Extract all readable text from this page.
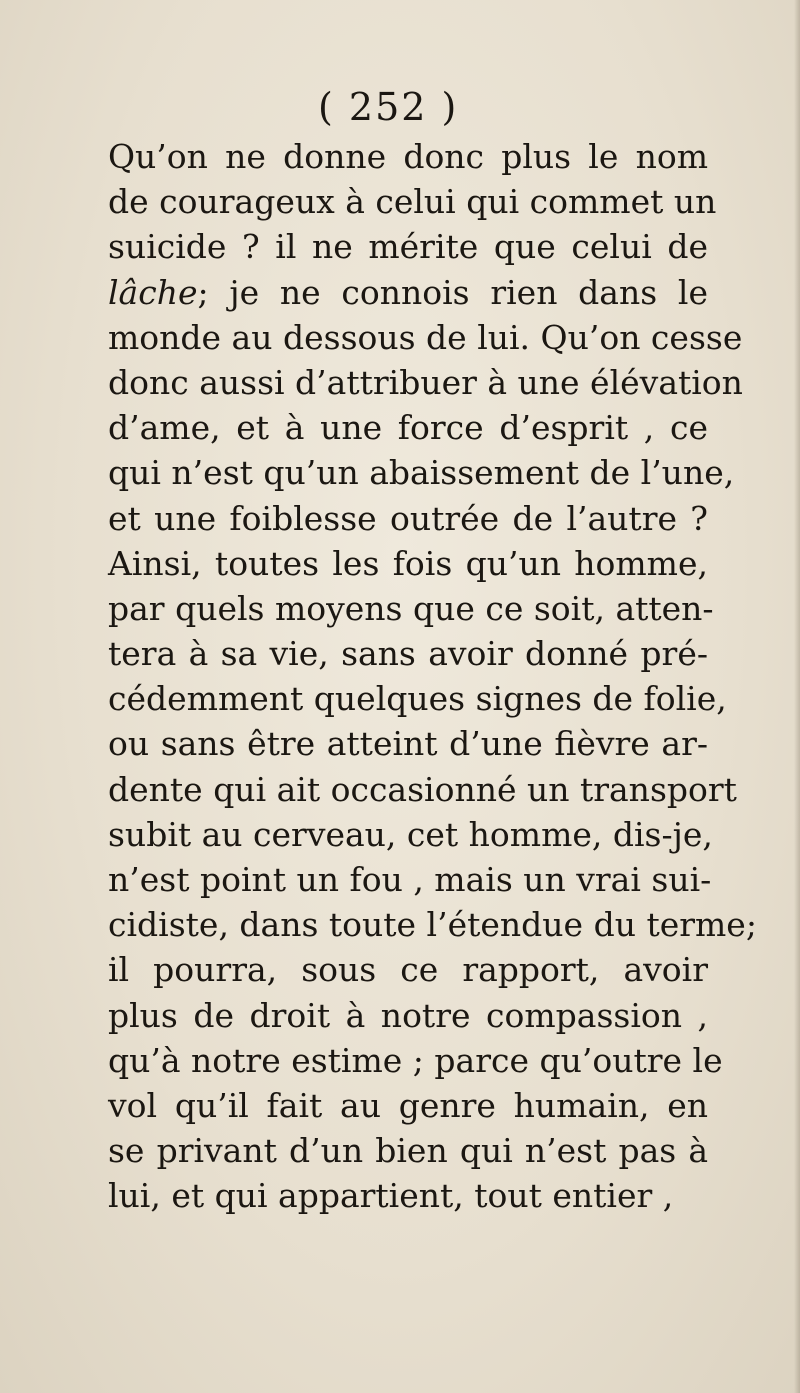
( 252 )
Qu’on ne donne donc plus le nom
de courageux à celui qui commet un
suicide ? il ne mérite que celui de
lâche; je ne connois rien dans le
monde au dessous de lui. Qu’on cesse
donc aussi d’attribuer à une élévation
d’ame, et à une force d’esprit , ce
qui n’est qu’un abaissement de l’une,
et une foiblesse outrée de l’autre ?
Ainsi, toutes les fois qu’un homme,
par quels moyens que ce soit, atten-
tera à sa vie, sans avoir donné pré-
cédemment quelques signes de folie,
ou sans être atteint d’une fièvre ar-
dente qui ait occasionné un transport
subit au cerveau, cet homme, dis-je,
n’est point un fou , mais un vrai sui-
cidiste, dans toute l’étendue du terme;
il pourra, sous ce rapport, avoir
plus de droit à notre compassion ,
qu’à notre estime ; parce qu’outre le
vol qu’il fait au genre humain, en
se privant d’un bien qui n’est pas à
lui, et qui appartient, tout entier ,
